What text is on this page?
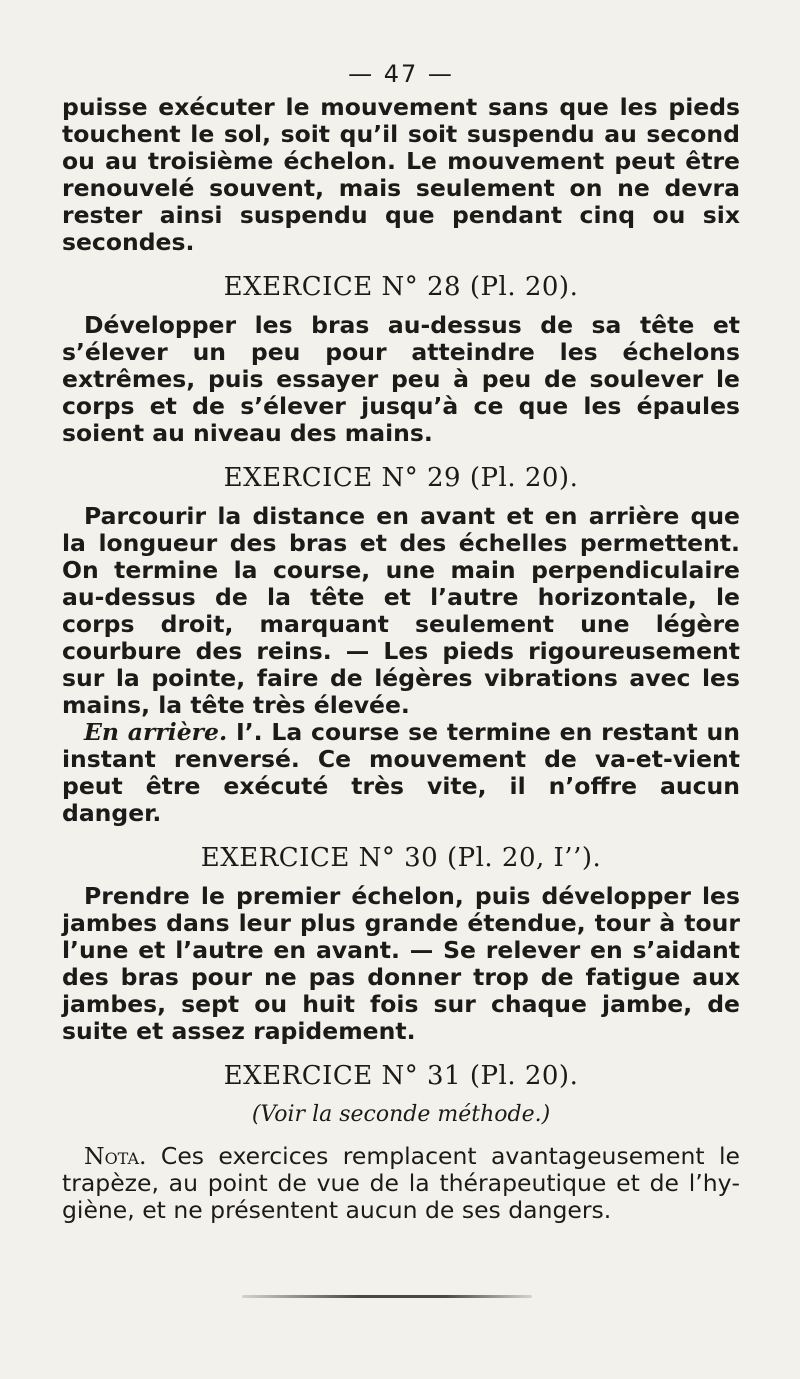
— 47 —

puisse exécuter le mouvement sans que les pieds touchent le sol, soit qu’il soit suspendu au second ou au troisième échelon. Le mouvement peut être renouvelé souvent, mais seulement on ne devra rester ainsi suspendu que pendant cinq ou six secondes.

EXERCICE N° 28 (Pl. 20).

Développer les bras au-dessus de sa tête et s’élever un peu pour atteindre les échelons extrêmes, puis essayer peu à peu de soulever le corps et de s’élever jusqu’à ce que les épaules soient au niveau des mains.

EXERCICE N° 29 (Pl. 20).

Parcourir la distance en avant et en arrière que la longueur des bras et des échelles permettent. On termine la course, une main perpendiculaire au-dessus de la tête et l’autre horizontale, le corps droit, marquant seulement une légère courbure des reins. — Les pieds rigoureusement sur la pointe, faire de légères vibrations avec les mains, la tête très élevée.

En arrière. I’. La course se termine en restant un instant renversé. Ce mouvement de va-et-vient peut être exécuté très vite, il n’offre aucun danger.

EXERCICE N° 30 (Pl. 20, I’’).

Prendre le premier échelon, puis développer les jambes dans leur plus grande étendue, tour à tour l’une et l’autre en avant. — Se relever en s’aidant des bras pour ne pas donner trop de fatigue aux jambes, sept ou huit fois sur chaque jambe, de suite et assez rapidement.

EXERCICE N° 31 (Pl. 20).
(Voir la seconde méthode.)

Nota. Ces exercices remplacent avantageusement le trapèze, au point de vue de la thérapeutique et de l’hygiène, et ne présentent aucun de ses dangers.
